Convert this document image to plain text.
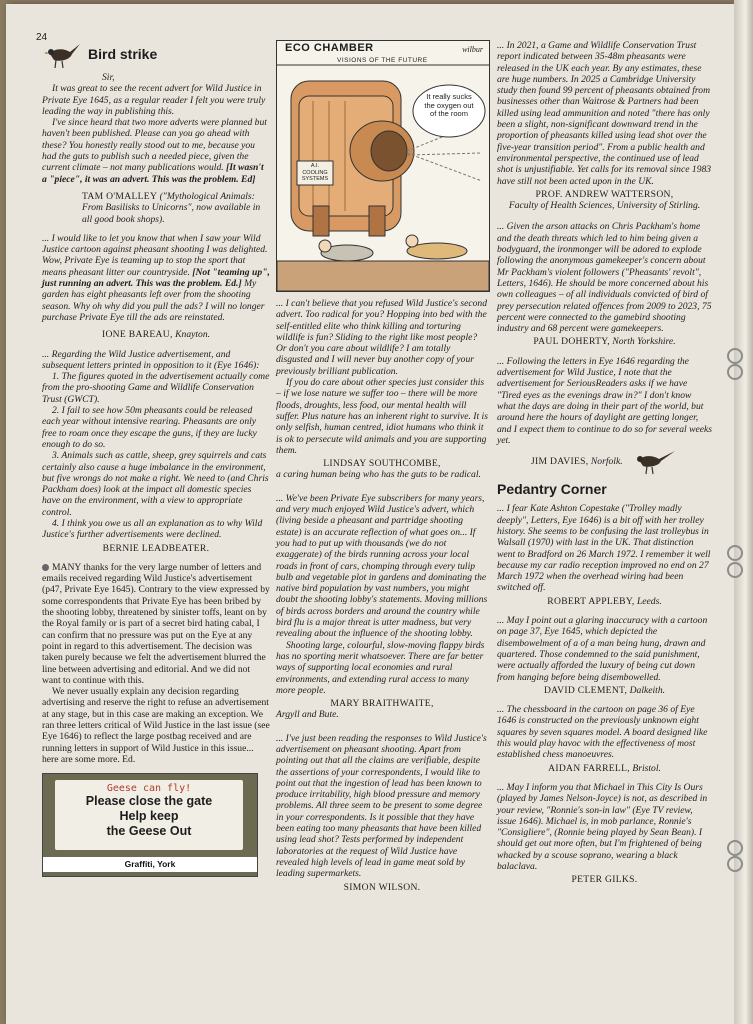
24
Bird strike

Sir,

It was great to see the recent advert for Wild Justice in Private Eye 1645, as a regular reader I felt you were truly leading the way in publishing this.

I've since heard that two more adverts were planned but haven't been published. Please can you go ahead with these? You honestly really stood out to me, because you had the guts to publish such a needed piece, given the current climate – not many publications would. [It wasn't a "piece", it was an advert. This was the problem. Ed]

TAM O'MALLEY ("Mythological Animals: From Basilisks to Unicorns", now available in all good book shops).

... I would like to let you know that when I saw your Wild Justice cartoon against pheasant shooting I was delighted. Wow, Private Eye is teaming up to stop the sport that means pheasant litter our countryside. [Not "teaming up", just running an advert. This was the problem. Ed.] My garden has eight pheasants left over from the shooting season. Why oh why did you pull the ads? I will no longer purchase Private Eye till the ads are reinstated.

IONE BAREAU, Knayton.

... Regarding the Wild Justice advertisement, and subsequent letters printed in opposition to it (Eye 1646):

1. The figures quoted in the advertisement actually come from the pro-shooting Game and Wildlife Conservation Trust (GWCT).

2. I fail to see how 50m pheasants could be released each year without intensive rearing. Pheasants are only free to roam once they escape the guns, if they are lucky enough to do so.

3. Animals such as cattle, sheep, grey squirrels and cats certainly also cause a huge imbalance in the environment, but five wrongs do not make a right. We need to (and Chris Packham does) look at the impact all domestic species have on the environment, with a view to appropriate control.

4. I think you owe us all an explanation as to why Wild Justice's further advertisements were declined.

BERNIE LEADBEATER.

MANY thanks for the very large number of letters and emails received regarding Wild Justice's advertisement (p47, Private Eye 1645). Contrary to the view expressed by some correspondents that Private Eye has been bribed by the shooting lobby, threatened by sinister toffs, leant on by the Royal family or is part of a secret bird hating cabal, I can confirm that no pressure was put on the Eye at any point in regard to this advertisement. The decision was taken purely because we felt the advertisement blurred the line between advertising and editorial. And we did not want to continue with this.

We never usually explain any decision regarding advertising and reserve the right to refuse an advertisement at any stage, but in this case are making an exception. We ran three letters critical of Wild Justice in the last issue (see Eye 1646) to reflect the large postbag received and are running letters in support of Wild Justice in this issue... here are some more. Ed.

Geese can fly!
Please close the gate
Help keep
the Geese Out
Graffiti, York
ECO CHAMBER
VISIONS OF THE FUTURE
wilbur
It really sucks the oxygen out of the room
A.I. COOLING SYSTEMS

... I can't believe that you refused Wild Justice's second advert. Too radical for you? Hopping into bed with the self-entitled elite who think killing and torturing wildlife is fun? Sliding to the right like most people? Or don't you care about wildlife? I am totally disgusted and I will never buy another copy of your previously brilliant publication.

If you do care about other species just consider this – if we lose nature we suffer too – there will be more floods, droughts, less food, our mental health will suffer. Plus nature has an inherent right to survive. It is only selfish, human centred, idiot humans who think it is ok to persecute wild animals and you are supporting them.

LINDSAY SOUTHCOMBE,

a caring human being who has the guts to be radical.

... We've been Private Eye subscribers for many years, and very much enjoyed Wild Justice's advert, which (living beside a pheasant and partridge shooting estate) is an accurate reflection of what goes on... If you had to put up with thousands (we do not exaggerate) of the birds running across your local roads in front of cars, chomping through every tulip bulb and vegetable plot in gardens and dominating the native bird population by vast numbers, you might doubt the shooting lobby's statements. Moving millions of birds across borders and around the country while bird flu is a major threat is utter madness, but very revealing about the influence of the shooting lobby.

Shooting large, colourful, slow-moving flappy birds has no sporting merit whatsoever. There are far better ways of supporting local economies and rural environments, and extending rural access to many more people.

MARY BRAITHWAITE,

Argyll and Bute.

... I've just been reading the responses to Wild Justice's advertisement on pheasant shooting. Apart from pointing out that all the claims are verifiable, despite the assertions of your correspondents, I would like to point out that the ingestion of lead has been known to produce irritability, high blood pressure and memory problems. All three seem to be present to some degree in your correspondents. Is it possible that they have been eating too many pheasants that have been killed using lead shot? Tests performed by independent laboratories at the request of Wild Justice have revealed high levels of lead in game meat sold by leading supermarkets.

SIMON WILSON.

... In 2021, a Game and Wildlife Conservation Trust report indicated between 35-48m pheasants were released in the UK each year. By any estimates, these are huge numbers. In 2025 a Cambridge University study then found 99 percent of pheasants obtained from businesses other than Waitrose & Partners had been killed using lead ammunition and noted "there has only been a slight, non-significant downward trend in the proportion of pheasants killed using lead shot over the five-year transition period". From a public health and environmental perspective, the continued use of lead shot is unjustifiable. Yet calls for its removal since 1983 have still not been acted upon in the UK.

PROF. ANDREW WATTERSON,

Faculty of Health Sciences, University of Stirling.

... Given the arson attacks on Chris Packham's home and the death threats which led to him being given a bodyguard, the ironmonger will be adored to explode following the anonymous gamekeeper's concern about Mr Packham's violent followers ("Pheasants' revolt", Letters, 1646). He should be more concerned about his own colleagues – of all individuals convicted of bird of prey persecution related offences from 2009 to 2023, 75 percent were connected to the gamebird shooting industry and 68 percent were gamekeepers.

PAUL DOHERTY, North Yorkshire.

... Following the letters in Eye 1646 regarding the advertisement for Wild Justice, I note that the advertisement for SeriousReaders asks if we have "Tired eyes as the evenings draw in?" I don't know what the days are doing in their part of the world, but around here the hours of daylight are getting longer, and I expect them to continue to do so for several weeks yet.

JIM DAVIES, Norfolk.
Pedantry Corner

... I fear Kate Ashton Copestake ("Trolley madly deeply", Letters, Eye 1646) is a bit off with her trolley history. She seems to be confusing the last trolleybus in Walsall (1970) with last in the UK. That distinction went to Bradford on 26 March 1972. I remember it well because my car radio reception improved no end on 27 March 1972 when the overhead wiring had been switched off.

ROBERT APPLEBY, Leeds.

... May I point out a glaring inaccuracy with a cartoon on page 37, Eye 1645, which depicted the disembowelment of a of a man being hung, drawn and quartered. Those condemned to the said punishment, were actually afforded the luxury of being cut down from hanging before being disembowelled.

DAVID CLEMENT, Dalkeith.

... The chessboard in the cartoon on page 36 of Eye 1646 is constructed on the previously unknown eight squares by seven squares model. A board designed like this would play havoc with the effectiveness of most established chess manoeuvres.

AIDAN FARRELL, Bristol.

... May I inform you that Michael in This City Is Ours (played by James Nelson-Joyce) is not, as described in your review, "Ronnie's son-in law" (Eye TV review, issue 1646). Michael is, in mob parlance, Ronnie's "Consigliere", (Ronnie being played by Sean Bean). I should get out more often, but I'm frightened of being whacked by a scouse soprano, wearing a black balaclava.

PETER GILKS.
